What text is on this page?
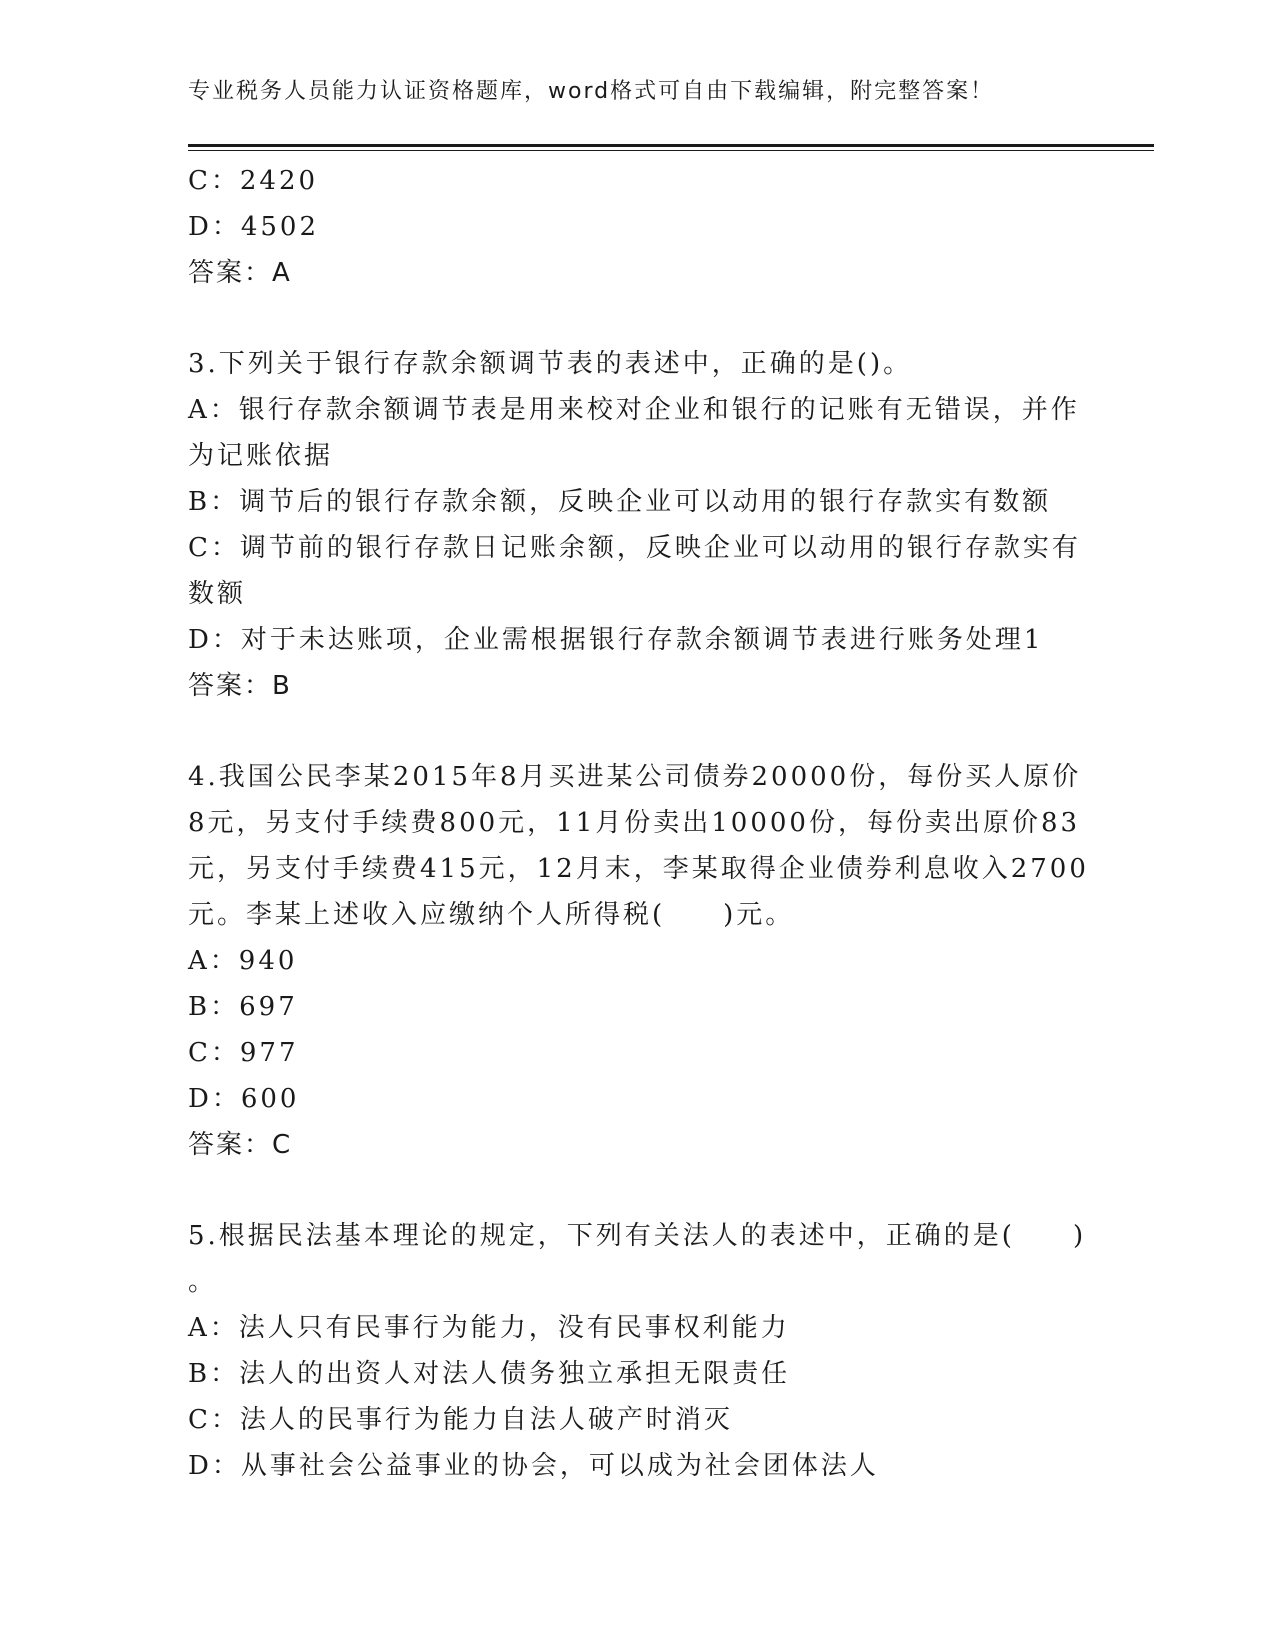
专业税务人员能力认证资格题库，word格式可自由下载编辑，附完整答案！
C：2420
D：4502
答案：A
3.下列关于银行存款余额调节表的表述中，正确的是()。
A：银行存款余额调节表是用来校对企业和银行的记账有无错误，并作
为记账依据
B：调节后的银行存款余额，反映企业可以动用的银行存款实有数额
C：调节前的银行存款日记账余额，反映企业可以动用的银行存款实有
数额
D：对于未达账项，企业需根据银行存款余额调节表进行账务处理1
答案：B
4.我国公民李某2015年8月买进某公司债券20000份，每份买人原价
8元，另支付手续费800元，11月份卖出10000份，每份卖出原价83
元，另支付手续费415元，12月末，李某取得企业债券利息收入2700
元。李某上述收入应缴纳个人所得税(　　)元。
A：940
B：697
C：977
D：600
答案：C
5.根据民法基本理论的规定，下列有关法人的表述中，正确的是(　　)
。
A：法人只有民事行为能力，没有民事权利能力
B：法人的出资人对法人债务独立承担无限责任
C：法人的民事行为能力自法人破产时消灭
D：从事社会公益事业的协会，可以成为社会团体法人
